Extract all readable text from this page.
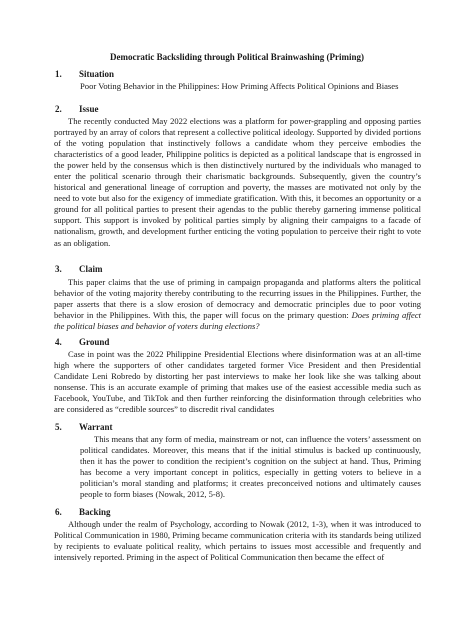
Democratic Backsliding through Political Brainwashing (Priming)
1. Situation
Poor Voting Behavior in the Philippines: How Priming Affects Political Opinions and Biases
2. Issue

The recently conducted May 2022 elections was a platform for power-grappling and opposing parties portrayed by an array of colors that represent a collective political ideology. Supported by divided portions of the voting population that instinctively follows a candidate whom they perceive embodies the characteristics of a good leader, Philippine politics is depicted as a political landscape that is engrossed in the power held by the consensus which is then distinctively nurtured by the individuals who managed to enter the political scenario through their charismatic backgrounds. Subsequently, given the country’s historical and generational lineage of corruption and poverty, the masses are motivated not only by the need to vote but also for the exigency of immediate gratification. With this, it becomes an opportunity or a ground for all political parties to present their agendas to the public thereby garnering immense political support. This support is invoked by political parties simply by aligning their campaigns to a facade of nationalism, growth, and development further enticing the voting population to perceive their right to vote as an obligation.

3. Claim

This paper claims that the use of priming in campaign propaganda and platforms alters the political behavior of the voting majority thereby contributing to the recurring issues in the Philippines. Further, the paper asserts that there is a slow erosion of democracy and democratic principles due to poor voting behavior in the Philippines. With this, the paper will focus on the primary question: Does priming affect the political biases and behavior of voters during elections?

4. Ground

Case in point was the 2022 Philippine Presidential Elections where disinformation was at an all-time high where the supporters of other candidates targeted former Vice President and then Presidential Candidate Leni Robredo by distorting her past interviews to make her look like she was talking about nonsense. This is an accurate example of priming that makes use of the easiest accessible media such as Facebook, YouTube, and TikTok and then further reinforcing the disinformation through celebrities who are considered as “credible sources” to discredit rival candidates

5. Warrant

This means that any form of media, mainstream or not, can influence the voters’ assessment on political candidates. Moreover, this means that if the initial stimulus is backed up continuously, then it has the power to condition the recipient’s cognition on the subject at hand. Thus, Priming has become a very important concept in politics, especially in getting voters to believe in a politician’s moral standing and platforms; it creates preconceived notions and ultimately causes people to form biases (Nowak, 2012, 5-8).

6. Backing

Although under the realm of Psychology, according to Nowak (2012, 1-3), when it was introduced to Political Communication in 1980, Priming became communication criteria with its standards being utilized by recipients to evaluate political reality, which pertains to issues most accessible and frequently and intensively reported. Priming in the aspect of Political Communication then became the effect of
